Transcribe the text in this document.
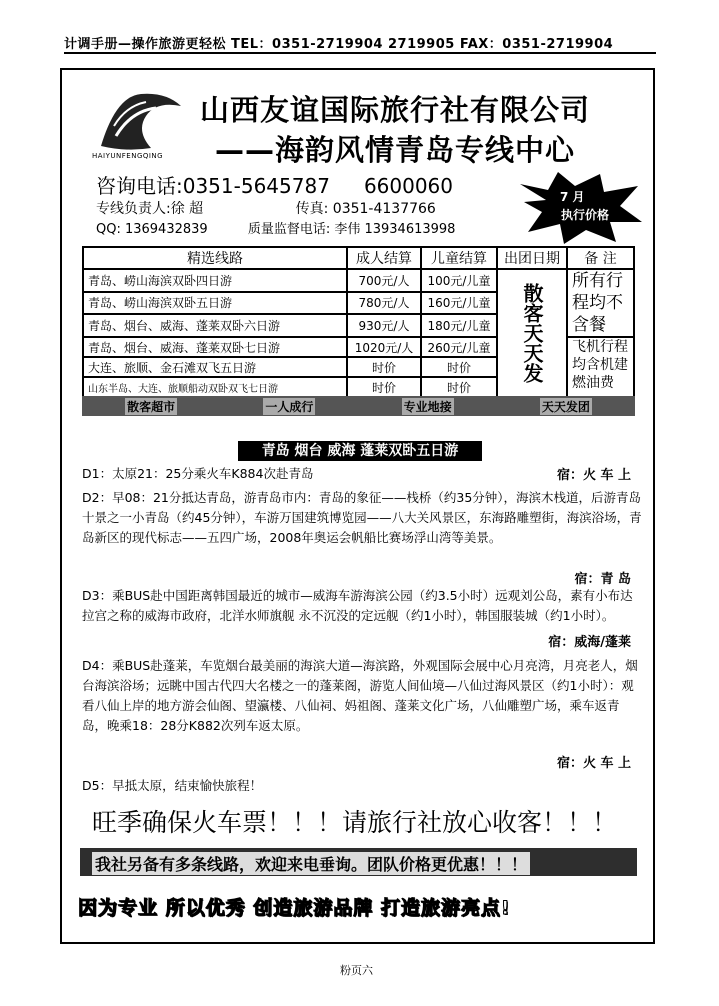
计调手册—操作旅游更轻松 TEL：0351-2719904 2719905 FAX：0351-2719904
HAIYUNFENGQING
山西友谊国际旅行社有限公司
——海韵风情青岛专线中心
咨询电话:0351-5645787 6600060
专线负责人:徐 超	传真: 0351-4137766
QQ: 1369432839	质量监督电话: 李伟 13934613998
7 月
执行价格
精选线路	成人结算	儿童结算	出团日期	备 注
青岛、崂山海滨双卧四日游	700元/人	100元/儿童	散客天天发	所有行程均不含餐
青岛、崂山海滨双卧五日游	780元/人	160元/儿童		
青岛、烟台、威海、蓬莱双卧六日游	930元/人	180元/儿童		
青岛、烟台、威海、蓬莱双卧七日游	1020元/人	260元/儿童		飞机行程均含机建燃油费
大连、旅顺、金石滩双飞五日游	时价	时价		
山东半岛、大连、旅顺船动双卧双飞七日游	时价	时价		
散客超市	一人成行	专业地接	天天发团
青岛 烟台 威海 蓬莱双卧五日游
D1：太原21：25分乘火车K884次赴青岛	宿：火 车 上
D2：早08：21分抵达青岛，游青岛市内：青岛的象征——栈桥（约35分钟），海滨木栈道，后游青岛十景之一小青岛（约45分钟），车游万国建筑博览园——八大关风景区，东海路雕塑街，海滨浴场，青岛新区的现代标志——五四广场，2008年奥运会帆船比赛场浮山湾等美景。
宿：青 岛
D3：乘BUS赴中国距离韩国最近的城市—威海车游海滨公园（约3.5小时）远观刘公岛，素有小布达拉宫之称的威海市政府，北洋水师旗舰 永不沉没的定远舰（约1小时），韩国服装城（约1小时）。
宿：威海/蓬莱
D4：乘BUS赴蓬莱，车览烟台最美丽的海滨大道—海滨路，外观国际会展中心月亮湾，月亮老人，烟台海滨浴场；远眺中国古代四大名楼之一的蓬莱阁，游览人间仙境—八仙过海风景区（约1小时）：观看八仙上岸的地方游会仙阁、望瀛楼、八仙祠、妈祖阁、蓬莱文化广场，八仙雕塑广场，乘车返青岛，晚乘18：28分K882次列车返太原。
宿：火 车 上
D5：早抵太原，结束愉快旅程！
旺季确保火车票！！！请旅行社放心收客！！！
我社另备有多条线路，欢迎来电垂询。团队价格更优惠！！！
因为专业 所以优秀 创造旅游品牌 打造旅游亮点!
粉页六
